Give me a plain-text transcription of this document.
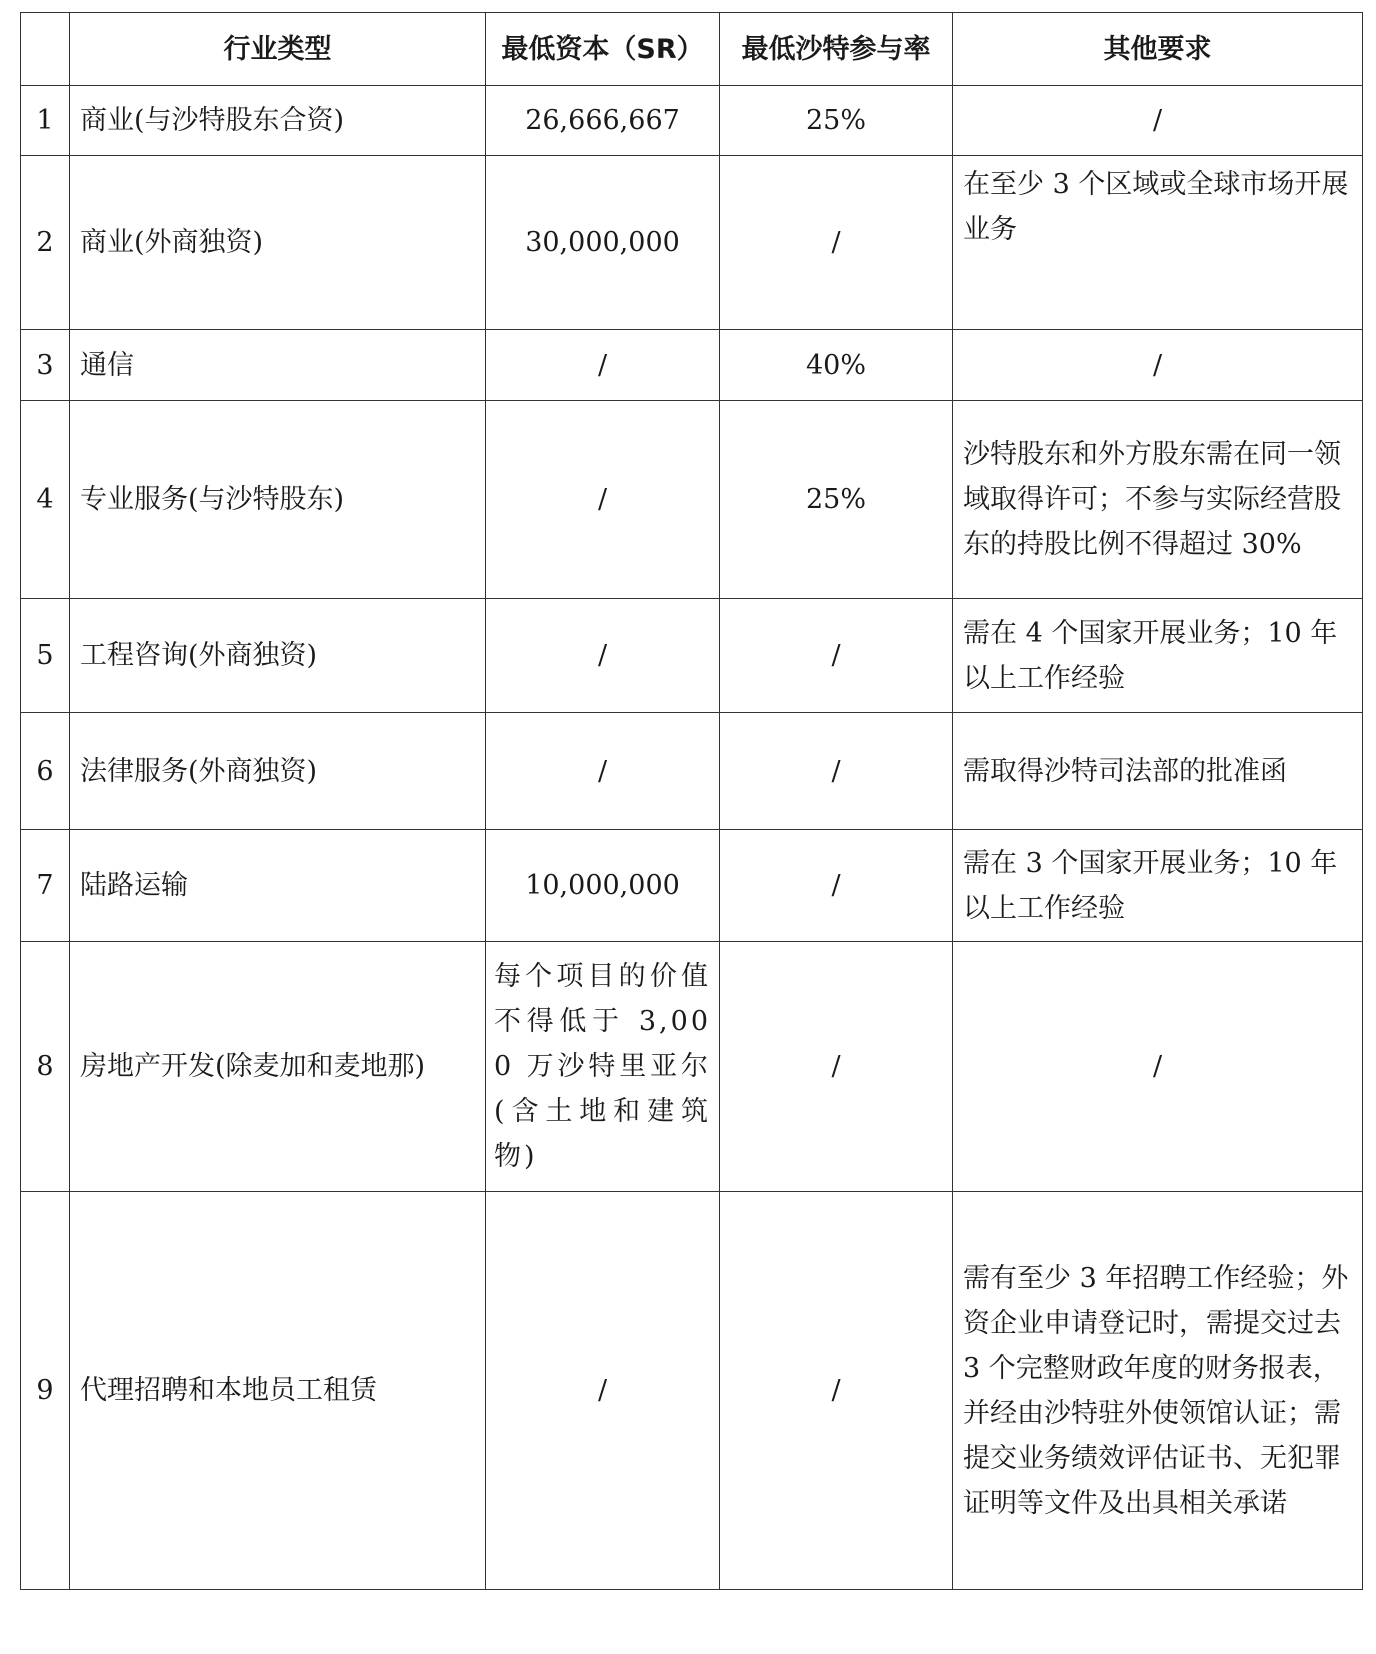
	行业类型	最低资本（SR）	最低沙特参与率	其他要求
1	商业(与沙特股东合资)	26,666,667	25%	/
2	商业(外商独资)	30,000,000	/	在至少 3 个区域或全球市场开展业务
3	通信	/	40%	/
4	专业服务(与沙特股东)	/	25%	沙特股东和外方股东需在同一领域取得许可；不参与实际经营股东的持股比例不得超过 30%
5	工程咨询(外商独资)	/	/	需在 4 个国家开展业务；10 年以上工作经验
6	法律服务(外商独资)	/	/	需取得沙特司法部的批准函
7	陆路运输	10,000,000	/	需在 3 个国家开展业务；10 年以上工作经验
8	房地产开发(除麦加和麦地那)	每个项目的价值不得低于 3,000 万沙特里亚尔(含土地和建筑物)	/	/
9	代理招聘和本地员工租赁	/	/	需有至少 3 年招聘工作经验；外资企业申请登记时，需提交过去 3 个完整财政年度的财务报表，并经由沙特驻外使领馆认证；需提交业务绩效评估证书、无犯罪证明等文件及出具相关承诺
